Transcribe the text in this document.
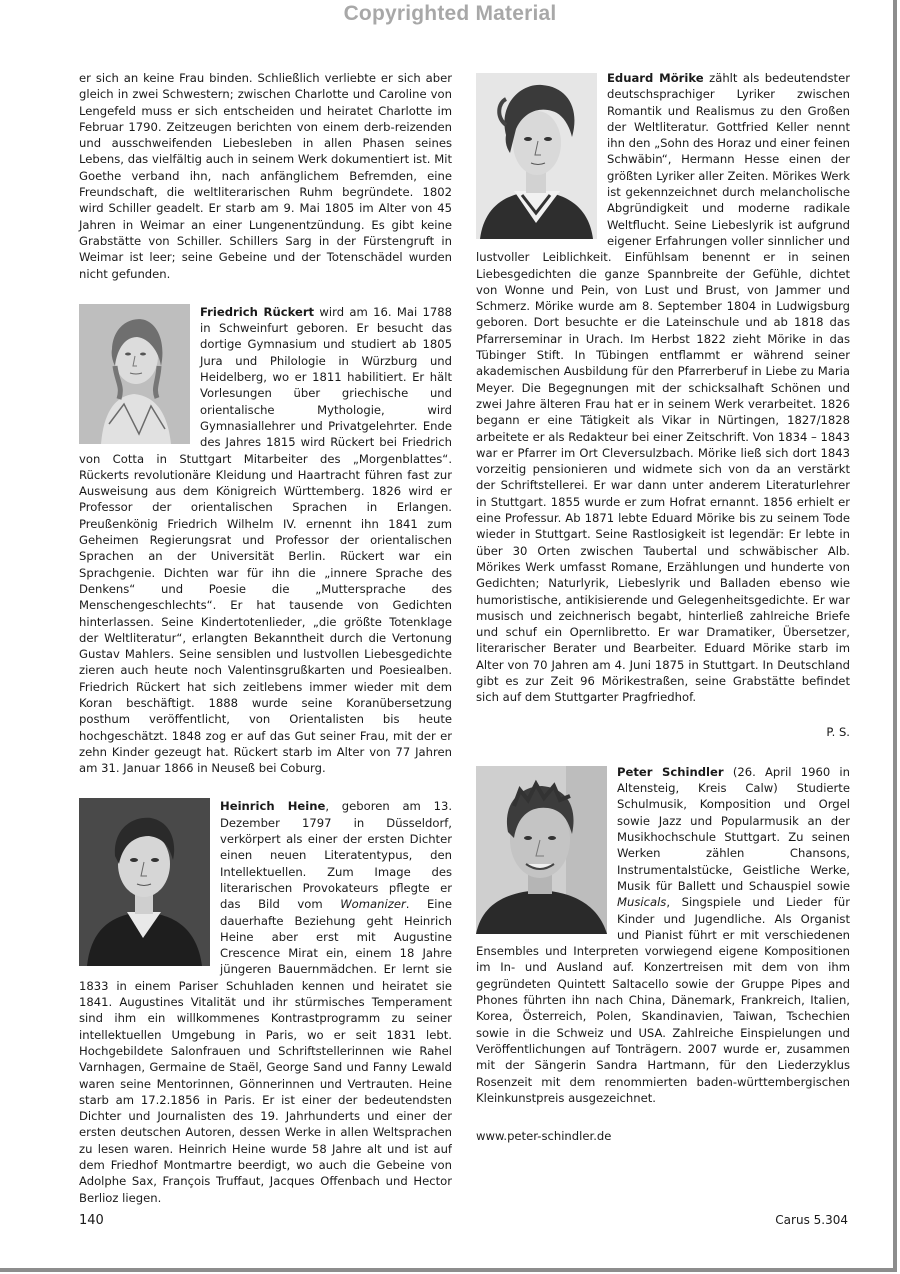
Copyrighted Material

er sich an keine Frau binden. Schließlich verliebte er sich aber gleich in zwei Schwestern; zwischen Charlotte und Caroline von Lengefeld muss er sich entscheiden und heiratet Charlotte im Februar 1790. Zeitzeugen berichten von einem derb-reizenden und ausschweifenden Liebesleben in allen Phasen seines Lebens, das vielfältig auch in seinem Werk dokumentiert ist. Mit Goethe verband ihn, nach anfänglichem Befremden, eine Freundschaft, die weltliterarischen Ruhm begründete. 1802 wird Schiller geadelt. Er starb am 9. Mai 1805 im Alter von 45 Jahren in Weimar an einer Lungenentzündung. Es gibt keine Grabstätte von Schiller. Schillers Sarg in der Fürstengruft in Weimar ist leer; seine Gebeine und der Totenschädel wurden nicht gefunden.

Friedrich Rückert wird am 16. Mai 1788 in Schweinfurt geboren. Er besucht das dortige Gymnasium und studiert ab 1805 Jura und Philologie in Würzburg und Heidelberg, wo er 1811 habilitiert. Er hält Vorlesungen über griechische und orientalische Mythologie, wird Gymnasiallehrer und Privatgelehrter. Ende des Jahres 1815 wird Rückert bei Friedrich von Cotta in Stuttgart Mitarbeiter des „Morgenblattes“. Rückerts revolutionäre Kleidung und Haartracht führen fast zur Ausweisung aus dem Königreich Württemberg. 1826 wird er Professor der orientalischen Sprachen in Erlangen. Preußenkönig Friedrich Wilhelm IV. ernennt ihn 1841 zum Geheimen Regierungsrat und Professor der orientalischen Sprachen an der Universität Berlin. Rückert war ein Sprachgenie. Dichten war für ihn die „innere Sprache des Denkens“ und Poesie die „Muttersprache des Menschengeschlechts“. Er hat tausende von Gedichten hinterlassen. Seine Kindertotenlieder, „die größte Totenklage der Weltliteratur“, erlangten Bekanntheit durch die Vertonung Gustav Mahlers. Seine sensiblen und lustvollen Liebesgedichte zieren auch heute noch Valentinsgrußkarten und Poesiealben. Friedrich Rückert hat sich zeitlebens immer wieder mit dem Koran beschäftigt. 1888 wurde seine Koranübersetzung posthum veröffentlicht, von Orientalisten bis heute hochgeschätzt. 1848 zog er auf das Gut seiner Frau, mit der er zehn Kinder gezeugt hat. Rückert starb im Alter von 77 Jahren am 31. Januar 1866 in Neuseß bei Coburg.

Heinrich Heine, geboren am 13. Dezember 1797 in Düsseldorf, verkörpert als einer der ersten Dichter einen neuen Literatentypus, den Intellektuellen. Zum Image des literarischen Provokateurs pflegte er das Bild vom Womanizer. Eine dauerhafte Beziehung geht Heinrich Heine aber erst mit Augustine Crescence Mirat ein, einem 18 Jahre jüngeren Bauernmädchen. Er lernt sie 1833 in einem Pariser Schuhladen kennen und heiratet sie 1841. Augustines Vitalität und ihr stürmisches Temperament sind ihm ein willkommenes Kontrastprogramm zu seiner intellektuellen Umgebung in Paris, wo er seit 1831 lebt. Hochgebildete Salonfrauen und Schriftstellerinnen wie Rahel Varnhagen, Germaine de Staël, George Sand und Fanny Lewald waren seine Mentorinnen, Gönnerinnen und Vertrauten. Heine starb am 17.2.1856 in Paris. Er ist einer der bedeutendsten Dichter und Journalisten des 19. Jahrhunderts und einer der ersten deutschen Autoren, dessen Werke in allen Weltsprachen zu lesen waren. Heinrich Heine wurde 58 Jahre alt und ist auf dem Friedhof Montmartre beerdigt, wo auch die Gebeine von Adolphe Sax, François Truffaut, Jacques Offenbach und Hector Berlioz liegen.

Eduard Mörike zählt als bedeutendster deutschsprachiger Lyriker zwischen Romantik und Realismus zu den Großen der Weltliteratur. Gottfried Keller nennt ihn den „Sohn des Horaz und einer feinen Schwäbin“, Hermann Hesse einen der größten Lyriker aller Zeiten. Mörikes Werk ist gekennzeichnet durch melancholische Abgründigkeit und moderne radikale Weltflucht. Seine Liebeslyrik ist aufgrund eigener Erfahrungen voller sinnlicher und lustvoller Leiblichkeit. Einfühlsam benennt er in seinen Liebesgedichten die ganze Spannbreite der Gefühle, dichtet von Wonne und Pein, von Lust und Brust, von Jammer und Schmerz. Mörike wurde am 8. September 1804 in Ludwigsburg geboren. Dort besuchte er die Lateinschule und ab 1818 das Pfarrerseminar in Urach. Im Herbst 1822 zieht Mörike in das Tübinger Stift. In Tübingen entflammt er während seiner akademischen Ausbildung für den Pfarrerberuf in Liebe zu Maria Meyer. Die Begegnungen mit der schicksalhaft Schönen und zwei Jahre älteren Frau hat er in seinem Werk verarbeitet. 1826 begann er eine Tätigkeit als Vikar in Nürtingen, 1827/1828 arbeitete er als Redakteur bei einer Zeitschrift. Von 1834 – 1843 war er Pfarrer im Ort Cleversulzbach. Mörike ließ sich dort 1843 vorzeitig pensionieren und widmete sich von da an verstärkt der Schriftstellerei. Er war dann unter anderem Literaturlehrer in Stuttgart. 1855 wurde er zum Hofrat ernannt. 1856 erhielt er eine Professur. Ab 1871 lebte Eduard Mörike bis zu seinem Tode wieder in Stuttgart. Seine Rastlosigkeit ist legendär: Er lebte in über 30 Orten zwischen Taubertal und schwäbischer Alb. Mörikes Werk umfasst Romane, Erzählungen und hunderte von Gedichten; Naturlyrik, Liebeslyrik und Balladen ebenso wie humoristische, antikisierende und Gelegenheitsgedichte. Er war musisch und zeichnerisch begabt, hinterließ zahlreiche Briefe und schuf ein Opernlibretto. Er war Dramatiker, Übersetzer, literarischer Berater und Bearbeiter. Eduard Mörike starb im Alter von 70 Jahren am 4. Juni 1875 in Stuttgart. In Deutschland gibt es zur Zeit 96 Mörikestraßen, seine Grabstätte befindet sich auf dem Stuttgarter Pragfriedhof.

P. S.

Peter Schindler (26. April 1960 in Altensteig, Kreis Calw) Studierte Schulmusik, Komposition und Orgel sowie Jazz und Popularmusik an der Musikhochschule Stuttgart. Zu seinen Werken zählen Chansons, Instrumentalstücke, Geistliche Werke, Musik für Ballett und Schauspiel sowie Musicals, Singspiele und Lieder für Kinder und Jugendliche. Als Organist und Pianist führt er mit verschiedenen Ensembles und Interpreten vorwiegend eigene Kompositionen im In- und Ausland auf. Konzertreisen mit dem von ihm gegründeten Quintett Saltacello sowie der Gruppe Pipes and Phones führten ihn nach China, Dänemark, Frankreich, Italien, Korea, Österreich, Polen, Skandinavien, Taiwan, Tschechien sowie in die Schweiz und USA. Zahlreiche Einspielungen und Veröffentlichungen auf Tonträgern. 2007 wurde er, zusammen mit der Sängerin Sandra Hartmann, für den Liederzyklus Rosenzeit mit dem renommierten baden-württembergischen Kleinkunstpreis ausgezeichnet.

www.peter-schindler.de
140	Carus 5.304
